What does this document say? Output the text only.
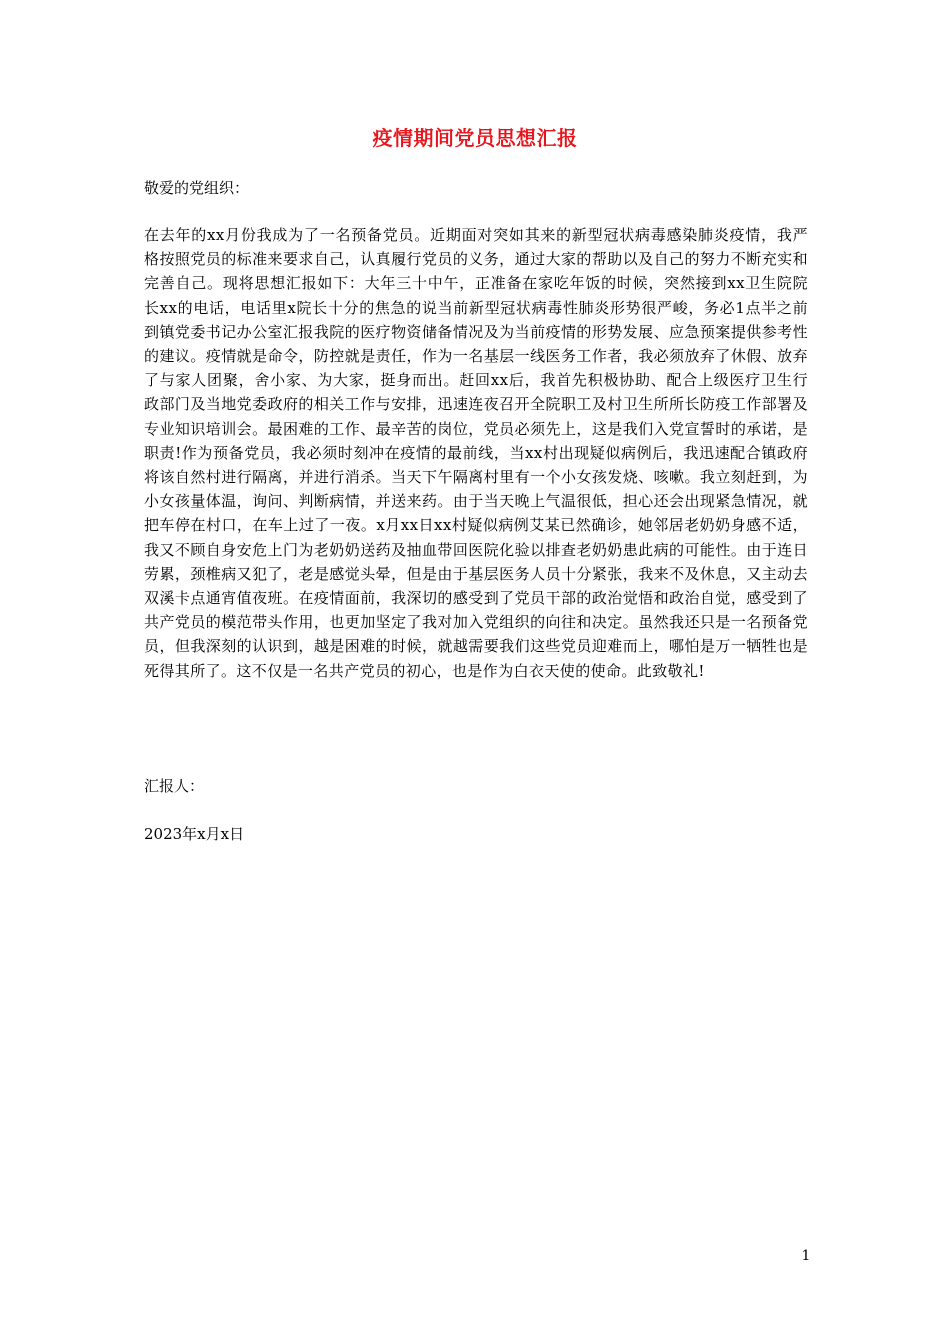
疫情期间党员思想汇报
敬爱的党组织：

在去年的xx月份我成为了一名预备党员。近期面对突如其来的新型冠状病毒感染肺炎疫情，我严格按照党员的标准来要求自己，认真履行党员的义务，通过大家的帮助以及自己的努力不断充实和完善自己。现将思想汇报如下：大年三十中午，正准备在家吃年饭的时候，突然接到xx卫生院院长xx的电话，电话里x院长十分的焦急的说当前新型冠状病毒性肺炎形势很严峻，务必1点半之前到镇党委书记办公室汇报我院的医疗物资储备情况及为当前疫情的形势发展、应急预案提供参考性的建议。疫情就是命令，防控就是责任，作为一名基层一线医务工作者，我必须放弃了休假、放弃了与家人团聚，舍小家、为大家，挺身而出。赶回xx后，我首先积极协助、配合上级医疗卫生行政部门及当地党委政府的相关工作与安排，迅速连夜召开全院职工及村卫生所所长防疫工作部署及专业知识培训会。最困难的工作、最辛苦的岗位，党员必须先上，这是我们入党宣誓时的承诺，是职责!作为预备党员，我必须时刻冲在疫情的最前线，当xx村出现疑似病例后，我迅速配合镇政府将该自然村进行隔离，并进行消杀。当天下午隔离村里有一个小女孩发烧、咳嗽。我立刻赶到，为小女孩量体温，询问、判断病情，并送来药。由于当天晚上气温很低，担心还会出现紧急情况，就把车停在村口，在车上过了一夜。x月xx日xx村疑似病例艾某已然确诊，她邻居老奶奶身感不适，我又不顾自身安危上门为老奶奶送药及抽血带回医院化验以排查老奶奶患此病的可能性。由于连日劳累，颈椎病又犯了，老是感觉头晕，但是由于基层医务人员十分紧张，我来不及休息，又主动去双溪卡点通宵值夜班。在疫情面前，我深切的感受到了党员干部的政治觉悟和政治自觉，感受到了共产党员的模范带头作用，也更加坚定了我对加入党组织的向往和决定。虽然我还只是一名预备党员，但我深刻的认识到，越是困难的时候，就越需要我们这些党员迎难而上，哪怕是万一牺牲也是死得其所了。这不仅是一名共产党员的初心，也是作为白衣天使的使命。此致敬礼!

汇报人：
2023年x月x日
1
